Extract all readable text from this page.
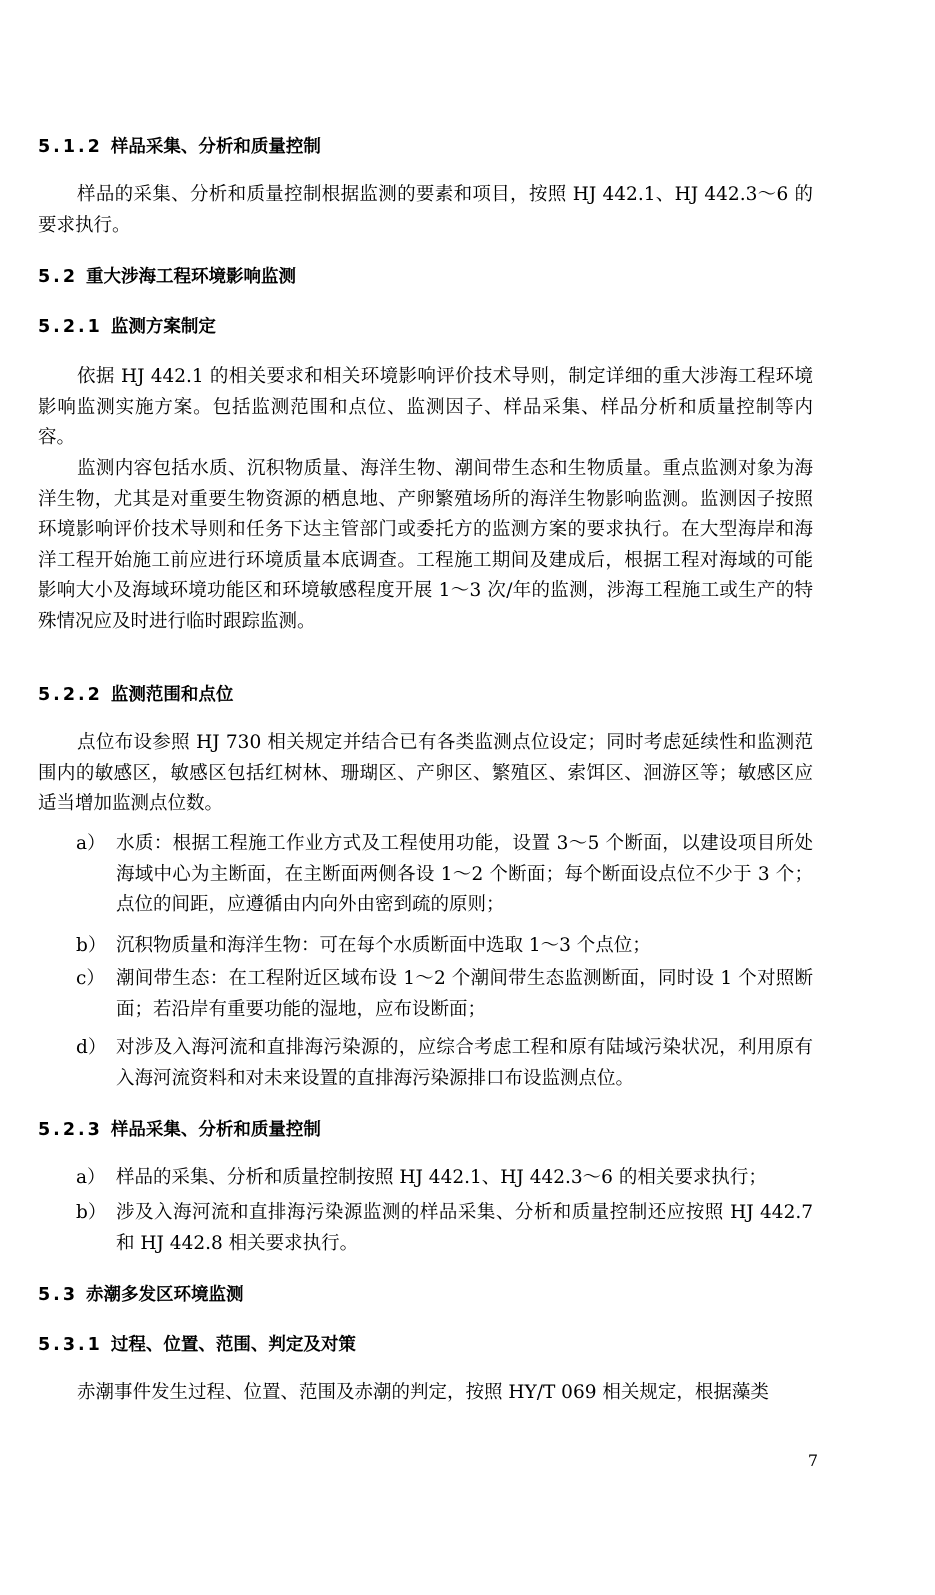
5.1.2 样品采集、分析和质量控制

样品的采集、分析和质量控制根据监测的要素和项目，按照 HJ 442.1、HJ 442.3～6 的要求执行。

5.2 重大涉海工程环境影响监测
5.2.1 监测方案制定

依据 HJ 442.1 的相关要求和相关环境影响评价技术导则，制定详细的重大涉海工程环境影响监测实施方案。包括监测范围和点位、监测因子、样品采集、样品分析和质量控制等内容。

监测内容包括水质、沉积物质量、海洋生物、潮间带生态和生物质量。重点监测对象为海洋生物，尤其是对重要生物资源的栖息地、产卵繁殖场所的海洋生物影响监测。监测因子按照环境影响评价技术导则和任务下达主管部门或委托方的监测方案的要求执行。在大型海岸和海洋工程开始施工前应进行环境质量本底调查。工程施工期间及建成后，根据工程对海域的可能影响大小及海域环境功能区和环境敏感程度开展 1～3 次/年的监测，涉海工程施工或生产的特殊情况应及时进行临时跟踪监测。

5.2.2 监测范围和点位

点位布设参照 HJ 730 相关规定并结合已有各类监测点位设定；同时考虑延续性和监测范围内的敏感区，敏感区包括红树林、珊瑚区、产卵区、繁殖区、索饵区、洄游区等；敏感区应适当增加监测点位数。

a） 水质：根据工程施工作业方式及工程使用功能，设置 3～5 个断面，以建设项目所处海域中心为主断面，在主断面两侧各设 1～2 个断面；每个断面设点位不少于 3 个；点位的间距，应遵循由内向外由密到疏的原则；

b） 沉积物质量和海洋生物：可在每个水质断面中选取 1～3 个点位；

c） 潮间带生态：在工程附近区域布设 1～2 个潮间带生态监测断面，同时设 1 个对照断面；若沿岸有重要功能的湿地，应布设断面；

d） 对涉及入海河流和直排海污染源的，应综合考虑工程和原有陆域污染状况，利用原有入海河流资料和对未来设置的直排海污染源排口布设监测点位。

5.2.3 样品采集、分析和质量控制
a） 样品的采集、分析和质量控制按照 HJ 442.1、HJ 442.3～6 的相关要求执行；

b） 涉及入海河流和直排海污染源监测的样品采集、分析和质量控制还应按照 HJ 442.7 和 HJ 442.8 相关要求执行。

5.3 赤潮多发区环境监测
5.3.1 过程、位置、范围、判定及对策

赤潮事件发生过程、位置、范围及赤潮的判定，按照 HY/T 069 相关规定，根据藻类

7
